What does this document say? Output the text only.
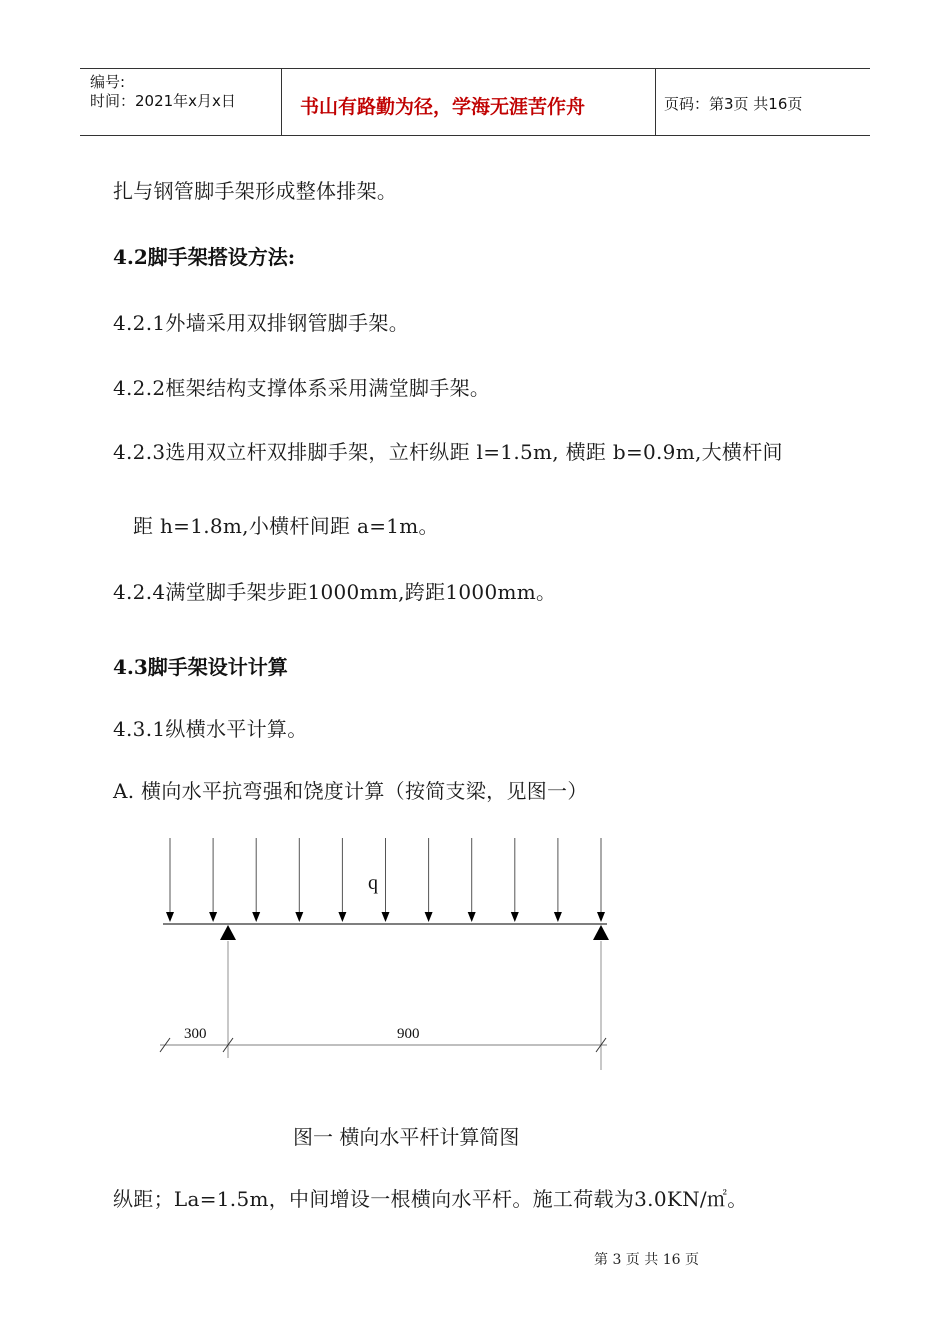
编号:
时间：2021年x月x日	书山有路勤为径，学海无涯苦作舟	页码：第3页 共16页
扎与钢管脚手架形成整体排架。
4.2脚手架搭设方法:
4.2.1外墙采用双排钢管脚手架。
4.2.2框架结构支撑体系采用满堂脚手架。
4.2.3选用双立杆双排脚手架，立杆纵距 l=1.5m, 横距 b=0.9m,大横杆间
距 h=1.8m,小横杆间距 a=1m。
4.2.4满堂脚手架步距1000mm,跨距1000mm。
4.3脚手架设计计算
4.3.1纵横水平计算。
A. 横向水平抗弯强和饶度计算（按简支梁，见图一）
q
300	900
图一 横向水平杆计算简图
纵距；La=1.5m，中间增设一根横向水平杆。施工荷载为3.0KN/㎡。
第 3 页 共 16 页
